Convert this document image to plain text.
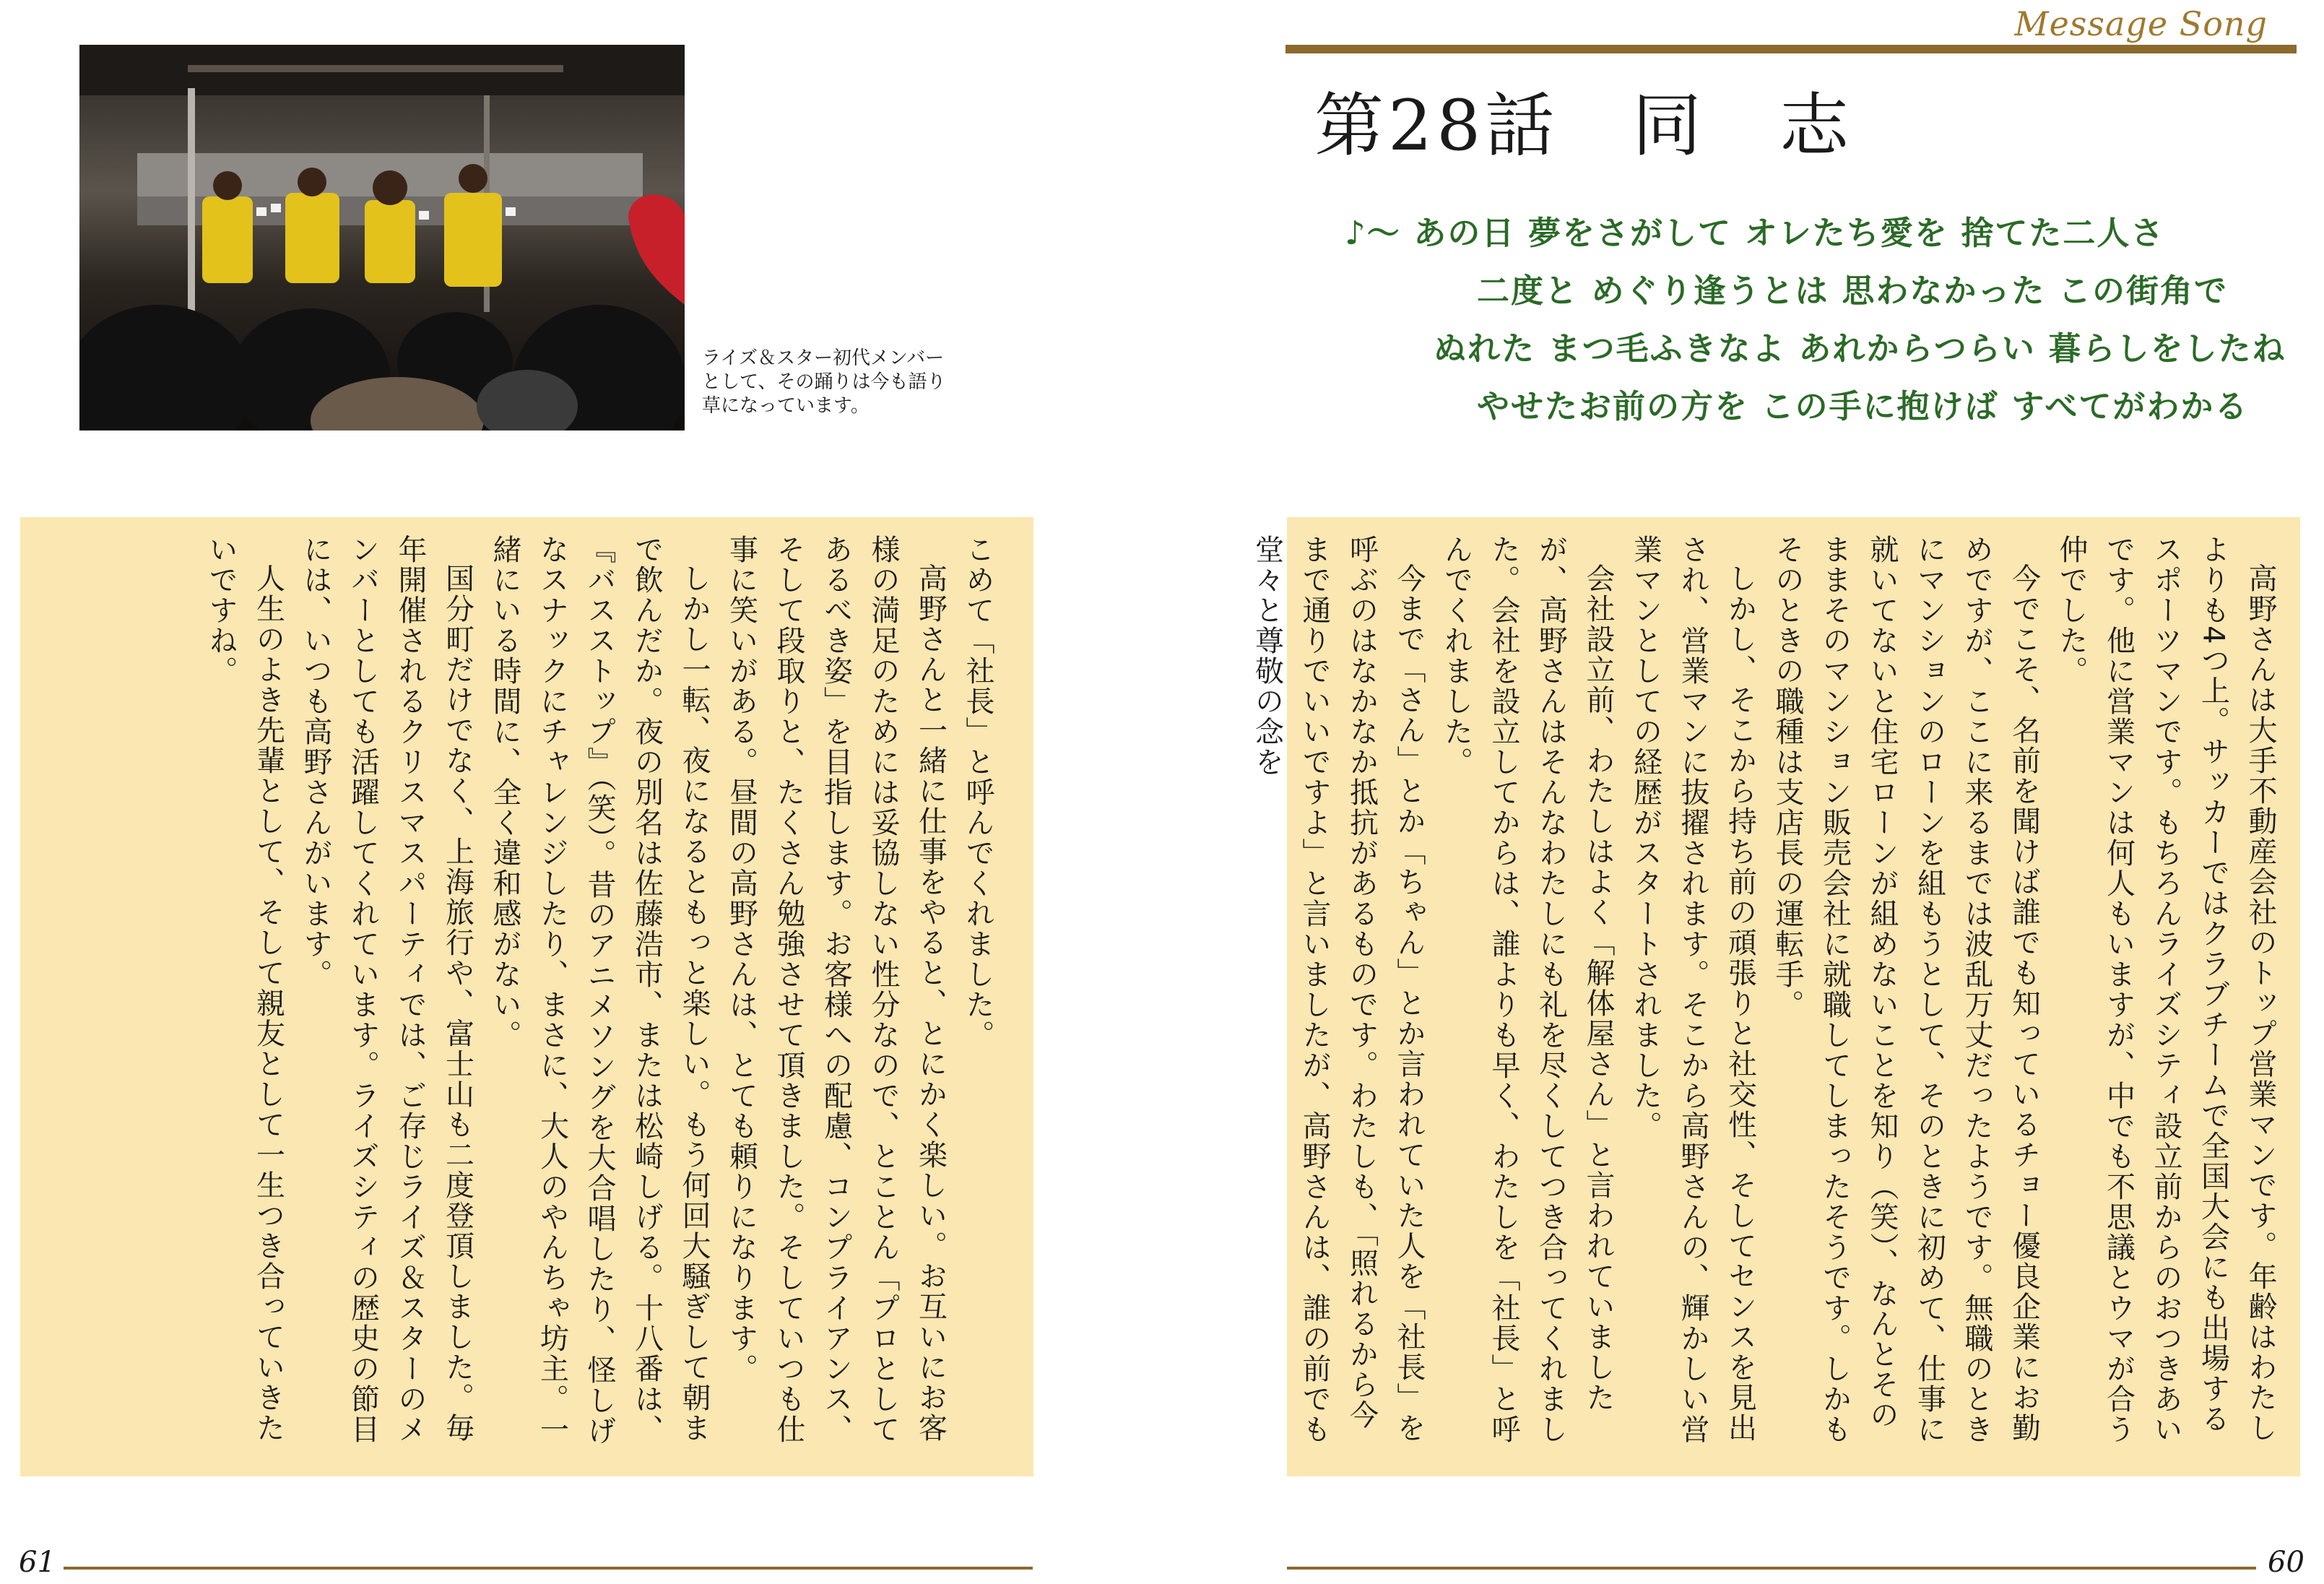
ライズ＆スター初代メンバー
として、その踊りは今も語り
草になっています。
こめて「社長」と呼んでくれました。

高野さんと一緒に仕事をやると、とにかく楽しい。お互いにお客様の満足のためには妥協しない性分なので、とことん「プロとしてあるべき姿」を目指します。お客様への配慮、コンプライアンス、そして段取りと、たくさん勉強させて頂きました。そしていつも仕事に笑いがある。昼間の高野さんは、とても頼りになります。

しかし一転、夜になるともっと楽しい。もう何回大騒ぎして朝まで飲んだか。夜の別名は佐藤浩市、または松崎しげる。十八番は、『バスストップ』（笑）。昔のアニメソングを大合唱したり、怪しげなスナックにチャレンジしたり、まさに、大人のやんちゃ坊主。一緒にいる時間に、全く違和感がない。

国分町だけでなく、上海旅行や、富士山も二度登頂しました。毎年開催されるクリスマスパーティでは、ご存じライズ＆スターのメンバーとしても活躍してくれています。ライズシティの歴史の節目には、いつも高野さんがいます。

人生のよき先輩として、そして親友として一生つき合っていきたいですね。

61
Message Song
第28話　同　志
♪〜 あの日 夢をさがして オレたち愛を 捨てた二人さ
二度と めぐり逢うとは 思わなかった この街角で
ぬれた まつ毛ふきなよ あれからつらい 暮らしをしたね
やせたお前の方を この手に抱けば すべてがわかる

高野さんは大手不動産会社のトップ営業マンです。年齢はわたしよりも4つ上。サッカーではクラブチームで全国大会にも出場するスポーツマンです。もちろんライズシティ設立前からのおつきあいです。他に営業マンは何人もいますが、中でも不思議とウマが合う仲でした。

今でこそ、名前を聞けば誰でも知っているチョー優良企業にお勤めですが、ここに来るまでは波乱万丈だったようです。無職のときにマンションのローンを組もうとして、そのときに初めて、仕事に就いてないと住宅ローンが組めないことを知り（笑）、なんとそのままそのマンション販売会社に就職してしまったそうです。しかもそのときの職種は支店長の運転手。

しかし、そこから持ち前の頑張りと社交性、そしてセンスを見出され、営業マンに抜擢されます。そこから高野さんの、輝かしい営業マンとしての経歴がスタートされました。

会社設立前、わたしはよく「解体屋さん」と言われていましたが、高野さんはそんなわたしにも礼を尽くしてつき合ってくれました。会社を設立してからは、誰よりも早く、わたしを「社長」と呼んでくれました。

今まで「さん」とか「ちゃん」とか言われていた人を「社長」を呼ぶのはなかなか抵抗があるものです。わたしも、「照れるから今まで通りでいいですよ」と言いましたが、高野さんは、誰の前でも堂々と尊敬の念を

60
